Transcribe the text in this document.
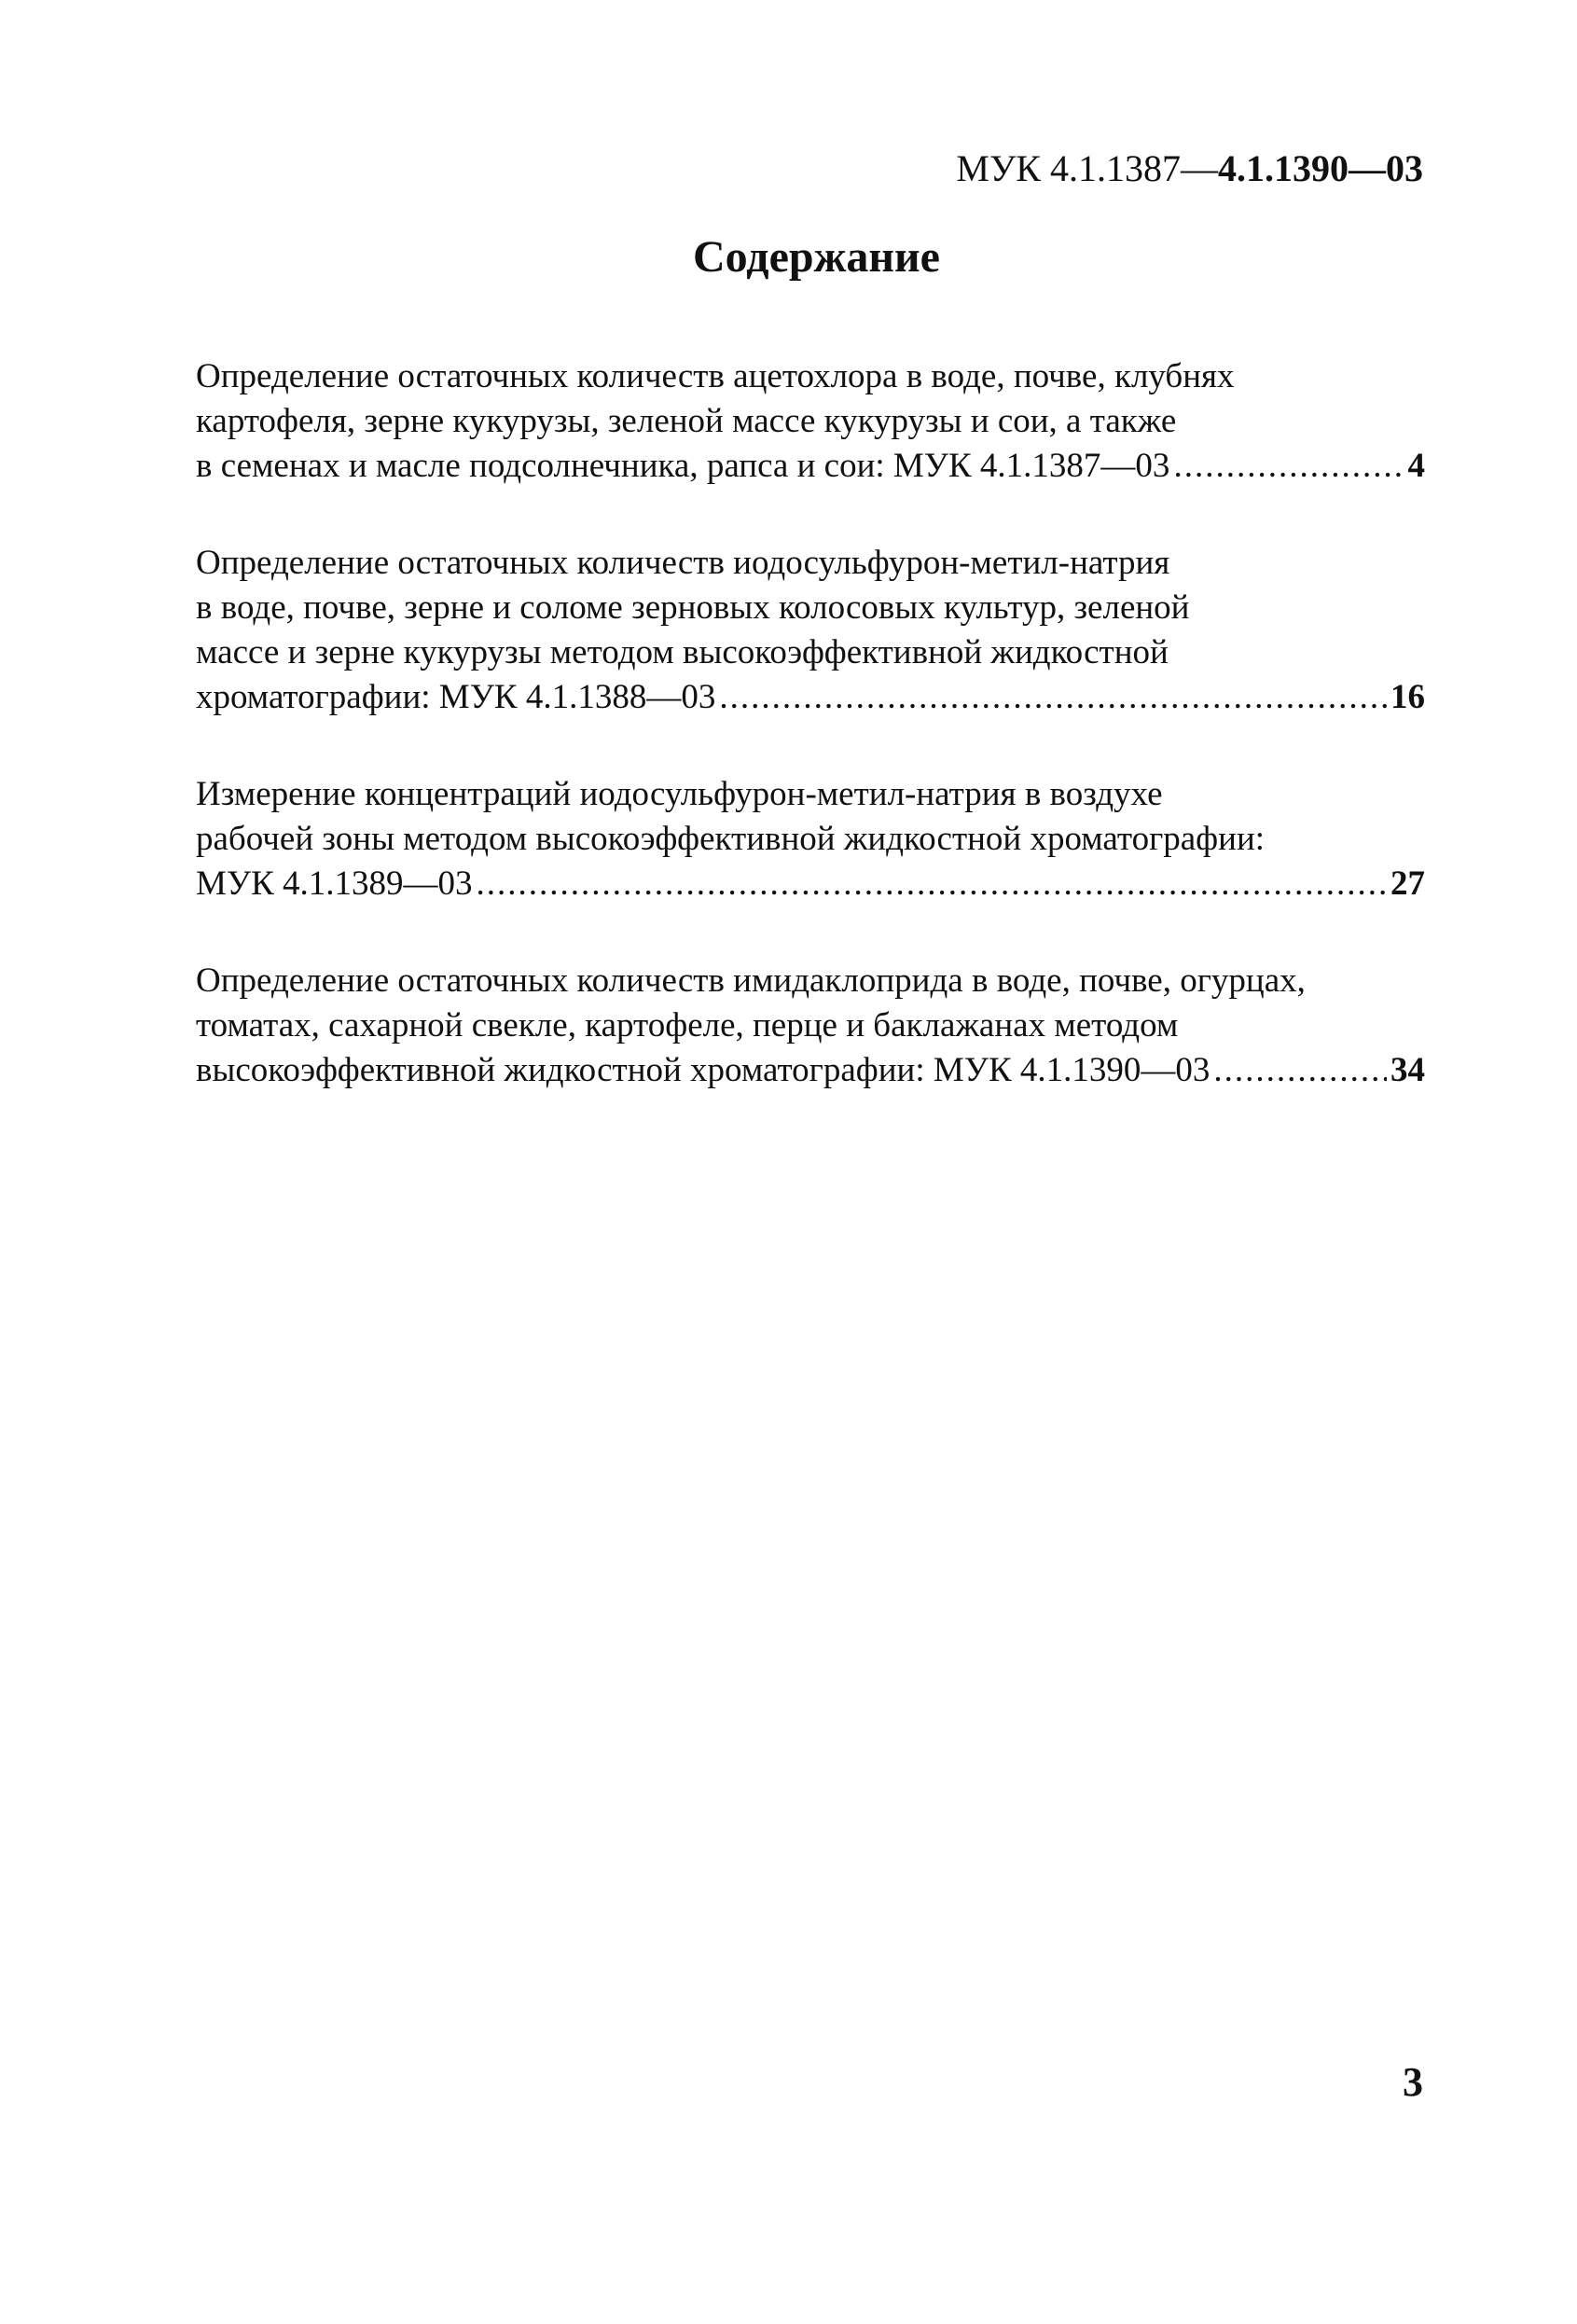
МУК 4.1.1387—4.1.1390—03
Содержание
Определение остаточных количеств ацетохлора в воде, почве, клубнях
картофеля, зерне кукурузы, зеленой массе кукурузы и сои, а также
в семенах и масле подсолнечника, рапса и сои: МУК 4.1.1387—03 .....	4
Определение остаточных количеств иодосульфурон-метил-натрия
в воде, почве, зерне и соломе зерновых колосовых культур, зеленой
массе и зерне кукурузы методом высокоэффективной жидкостной
хроматографии: МУК 4.1.1388—03 .....	16
Измерение концентраций иодосульфурон-метил-натрия в воздухе
рабочей зоны методом высокоэффективной жидкостной хроматографии:
МУК 4.1.1389—03 .....	27
Определение остаточных количеств имидаклоприда в воде, почве, огурцах,
томатах, сахарной свекле, картофеле, перце и баклажанах методом
высокоэффективной жидкостной хроматографии: МУК 4.1.1390—03 .....	34
3
